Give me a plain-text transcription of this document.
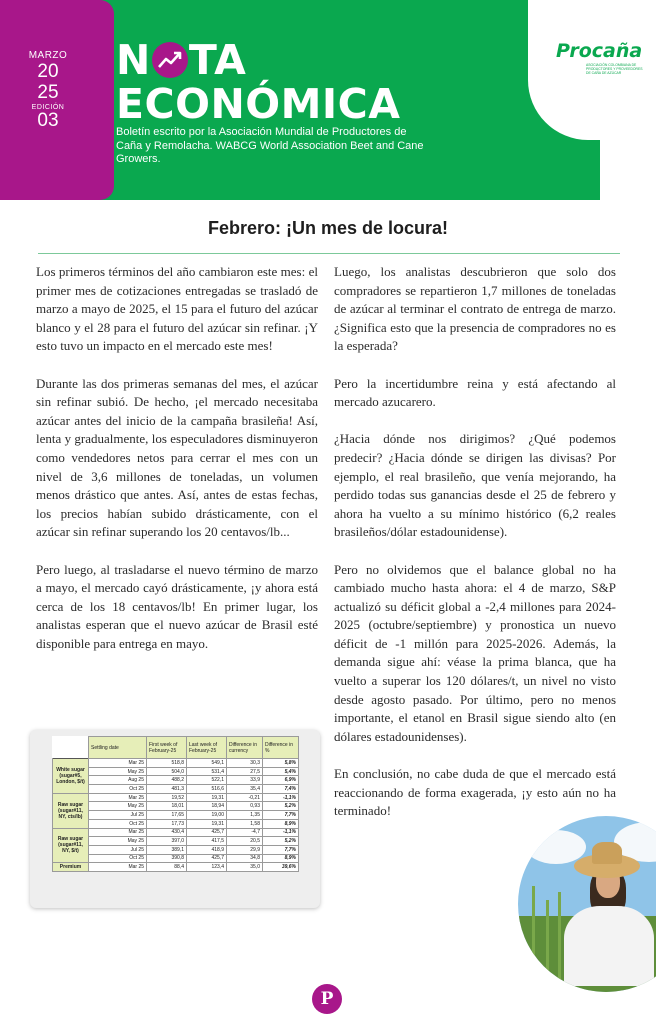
MARZO
20
25
EDICIÓN
03
N TA
ECONÓMICA
Boletín escrito por la Asociación Mundial de Productores de Caña y Remolacha. WABCG World Association Beet and Cane Growers.
Procaña
ASOCIACIÓN COLOMBIANA DE PRODUCTORES Y PROVEEDORES DE CAÑA DE AZÚCAR
Febrero: ¡Un mes de locura!

Los primeros términos del año cambiaron este mes: el primer mes de cotizaciones entregadas se trasladó de marzo a mayo de 2025, el 15 para el futuro del azúcar blanco y el 28 para el futuro del azúcar sin refinar. ¡Y esto tuvo un impacto en el mercado este mes!

Durante las dos primeras semanas del mes, el azúcar sin refinar subió. De hecho, ¡el mercado necesitaba azúcar antes del inicio de la campaña brasileña! Así, lenta y gradualmente, los especuladores disminuyeron como vendedores netos para cerrar el mes con un nivel de 3,6 millones de toneladas, un volumen menos drástico que antes. Así, antes de estas fechas, los precios habían subido drásticamente, con el azúcar sin refinar superando los 20 centavos/lb...

Pero luego, al trasladarse el nuevo término de marzo a mayo, el mercado cayó drásticamente, ¡y ahora está cerca de los 18 centavos/lb! En primer lugar, los analistas esperan que el nuevo azúcar de Brasil esté disponible para entrega en mayo.

Luego, los analistas descubrieron que solo dos compradores se repartieron 1,7 millones de toneladas de azúcar al terminar el contrato de entrega de marzo. ¿Significa esto que la presencia de compradores no es la esperada?

Pero la incertidumbre reina y está afectando al mercado azucarero.

¿Hacia dónde nos dirigimos? ¿Qué podemos predecir? ¿Hacia dónde se dirigen las divisas? Por ejemplo, el real brasileño, que venía mejorando, ha perdido todas sus ganancias desde el 25 de febrero y ahora ha vuelto a su mínimo histórico (6,2 reales brasileños/dólar estadounidense).

Pero no olvidemos que el balance global no ha cambiado mucho hasta ahora: el 4 de marzo, S&P actualizó su déficit global a -2,4 millones para 2024-2025 (octubre/septiembre) y pronostica un nuevo déficit de -1 millón para 2025-2026. Además, la demanda sigue ahí: véase la prima blanca, que ha vuelto a superar los 120 dólares/t, un nivel no visto desde agosto pasado. Por último, pero no menos importante, el etanol en Brasil sigue siendo alto (en dólares estadounidenses).

En conclusión, no cabe duda de que el mercado está reaccionando de forma exagerada, ¡y esto aún no ha terminado!

	Settling date	First week of February-25	Last week of February-25	Difference in currency	Difference in %
White sugar (sugar#5, London, $/t)	Mar 25	518,8	549,1	30,3	5,8%
	May 25	504,0	531,4	27,5	5,4%
	Aug 25	488,2	522,1	33,9	6,9%
	Oct 25	481,3	516,6	35,4	7,4%
Raw sugar (sugar#11, NY, cts/lb)	Mar 25	19,52	19,31	-0,21	-1,1%
	May 25	18,01	18,94	0,93	5,2%
	Jul 25	17,65	19,00	1,35	7,7%
	Oct 25	17,73	19,31	1,58	8,9%
Raw sugar (sugar#11, NY, $/t)	Mar 25	430,4	425,7	-4,7	-1,1%
	May 25	397,0	417,5	20,5	5,2%
	Jul 25	389,1	418,9	29,9	7,7%
	Oct 25	390,8	425,7	34,8	8,9%
Premium	Mar 25	88,4	123,4	35,0	39,6%
P
